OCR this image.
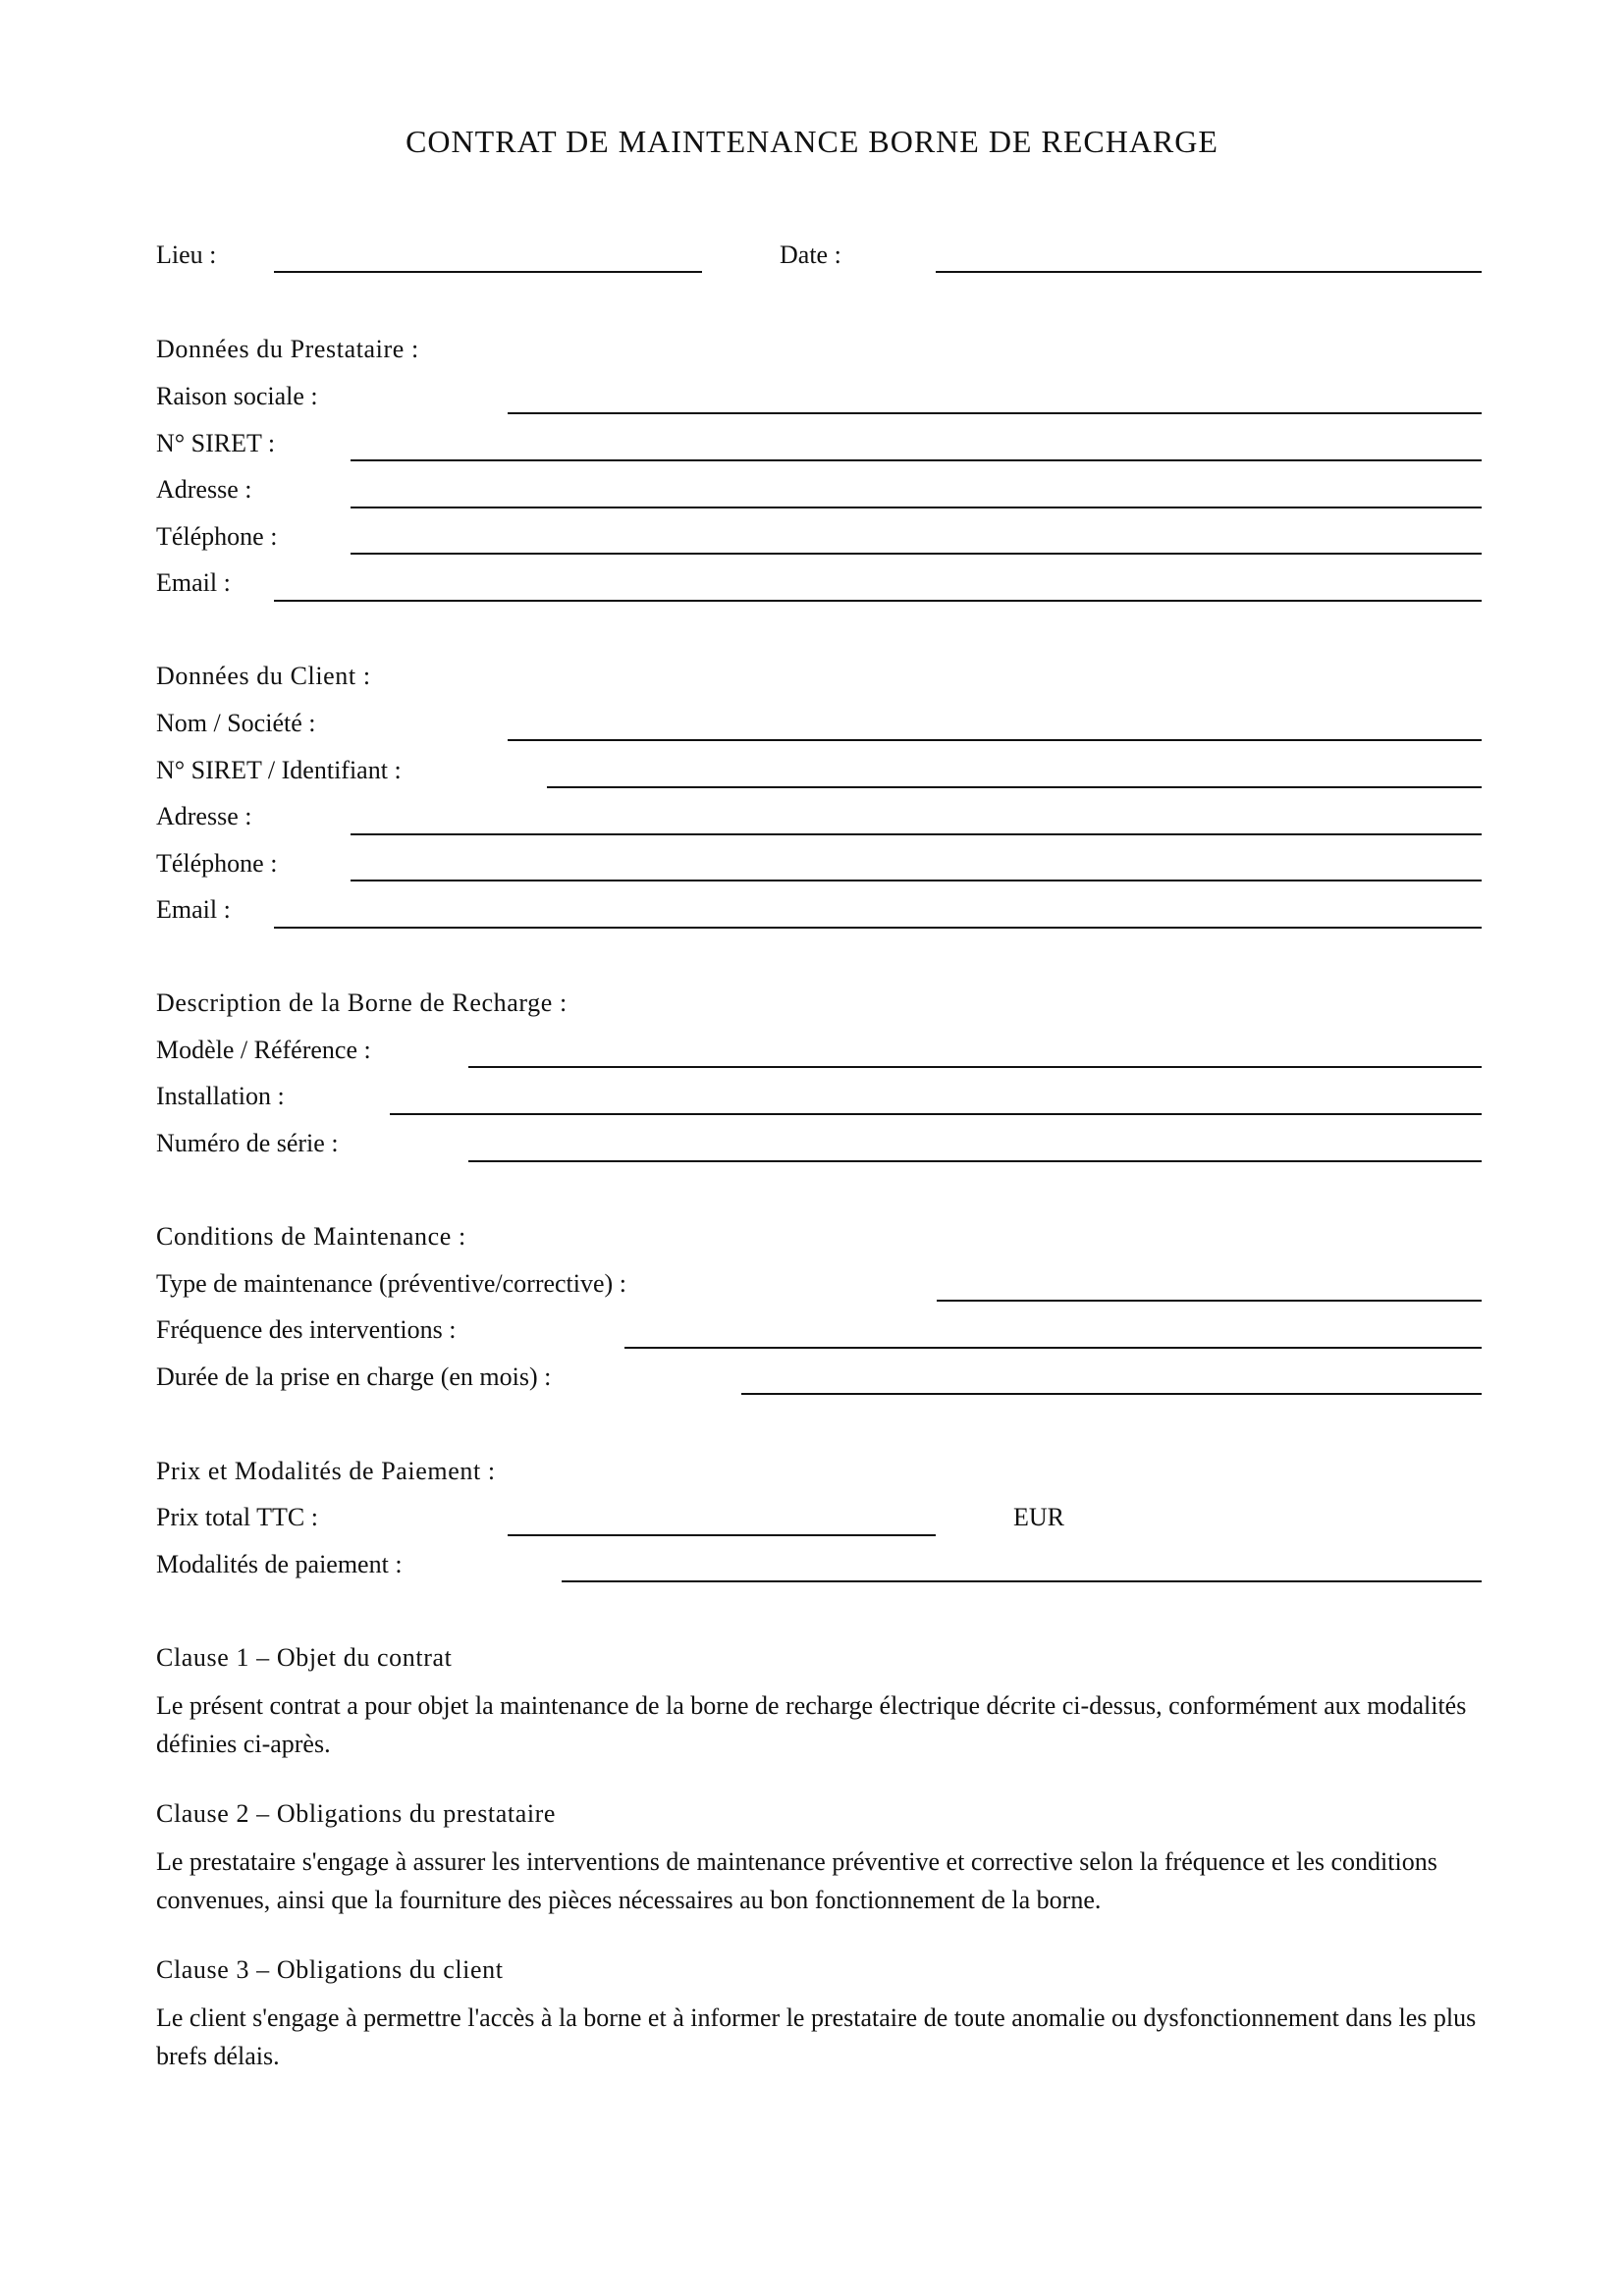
CONTRAT DE MAINTENANCE BORNE DE RECHARGE
Lieu :	Date :
Données du Prestataire :
Raison sociale :
N° SIRET :
Adresse :
Téléphone :
Email :
Données du Client :
Nom / Société :
N° SIRET / Identifiant :
Adresse :
Téléphone :
Email :
Description de la Borne de Recharge :
Modèle / Référence :
Installation :
Numéro de série :
Conditions de Maintenance :
Type de maintenance (préventive/corrective) :
Fréquence des interventions :
Durée de la prise en charge (en mois) :
Prix et Modalités de Paiement :
Prix total TTC :	EUR
Modalités de paiement :
Clause 1 – Objet du contrat
Le présent contrat a pour objet la maintenance de la borne de recharge électrique décrite ci-dessus, conformément aux modalités définies ci-après.
Clause 2 – Obligations du prestataire
Le prestataire s'engage à assurer les interventions de maintenance préventive et corrective selon la fréquence et les conditions convenues, ainsi que la fourniture des pièces nécessaires au bon fonctionnement de la borne.
Clause 3 – Obligations du client
Le client s'engage à permettre l'accès à la borne et à informer le prestataire de toute anomalie ou dysfonctionnement dans les plus brefs délais.
